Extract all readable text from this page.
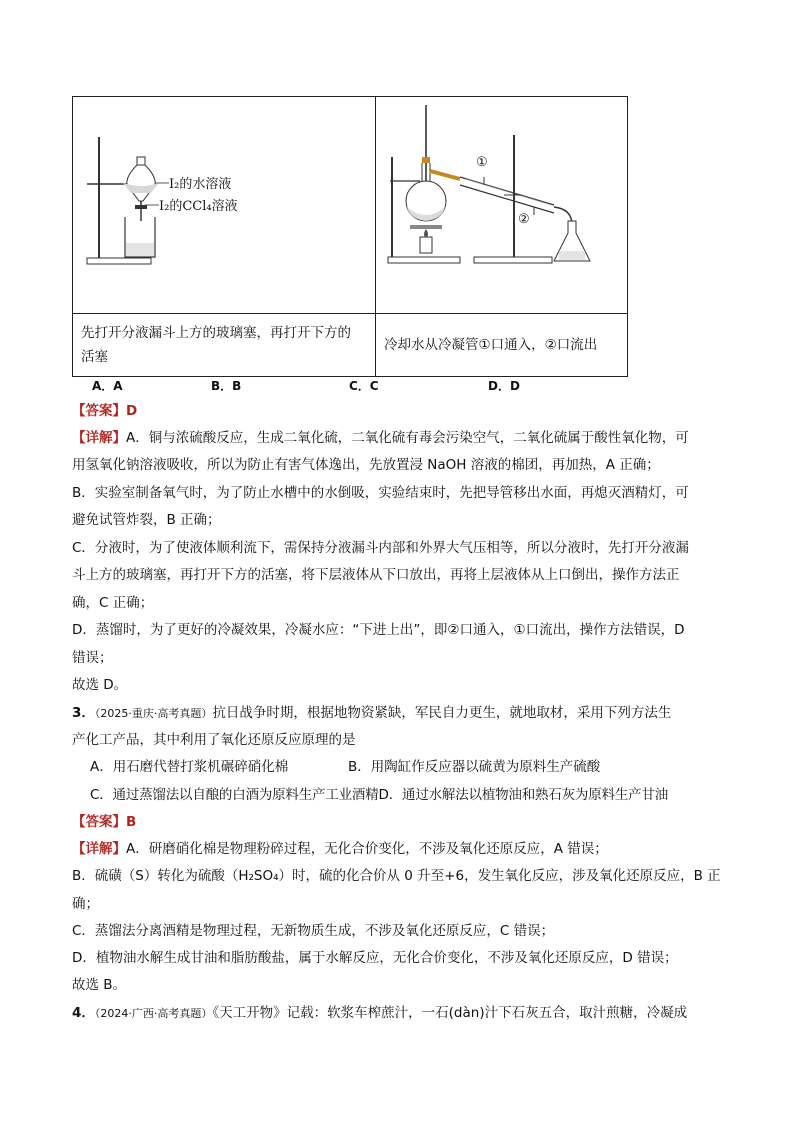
I₂的水溶液
I₂的CCl₄溶液	①
②

先打开分液漏斗上方的玻璃塞，再打开下方的
活塞	冷却水从冷凝管①口通入，②口流出
A．A	B．B	C．C	D．D
【答案】D
【详解】A．铜与浓硫酸反应，生成二氧化硫，二氧化硫有毒会污染空气，二氧化硫属于酸性氧化物，可
用氢氧化钠溶液吸收，所以为防止有害气体逸出，先放置浸 NaOH 溶液的棉团，再加热，A 正确；
B．实验室制备氧气时，为了防止水槽中的水倒吸，实验结束时，先把导管移出水面，再熄灭酒精灯，可
避免试管炸裂，B 正确；
C．分液时，为了使液体顺利流下，需保持分液漏斗内部和外界大气压相等，所以分液时，先打开分液漏
斗上方的玻璃塞，再打开下方的活塞，将下层液体从下口放出，再将上层液体从上口倒出，操作方法正
确，C 正确；
D．蒸馏时，为了更好的冷凝效果，冷凝水应：“下进上出”，即②口通入，①口流出，操作方法错误，D
错误；
故选 D。
3．（2025·重庆·高考真题）抗日战争时期，根据地物资紧缺，军民自力更生，就地取材，采用下列方法生
产化工产品，其中利用了氧化还原反应原理的是
A．用石磨代替打浆机碾碎硝化棉	B．用陶缸作反应器以硫黄为原料生产硫酸
C．通过蒸馏法以自酿的白酒为原料生产工业酒精D．通过水解法以植物油和熟石灰为原料生产甘油
【答案】B
【详解】A．研磨硝化棉是物理粉碎过程，无化合价变化，不涉及氧化还原反应，A 错误；
B．硫磺（S）转化为硫酸（H₂SO₄）时，硫的化合价从 0 升至+6，发生氧化反应，涉及氧化还原反应，B 正
确；
C．蒸馏法分离酒精是物理过程，无新物质生成，不涉及氧化还原反应，C 错误；
D．植物油水解生成甘油和脂肪酸盐，属于水解反应，无化合价变化，不涉及氧化还原反应，D 错误；
故选 B。
4．（2024·广西·高考真题）《天工开物》记载：软浆车榨蔗汁，一石(dàn)汁下石灰五合，取汁煎糖，冷凝成
